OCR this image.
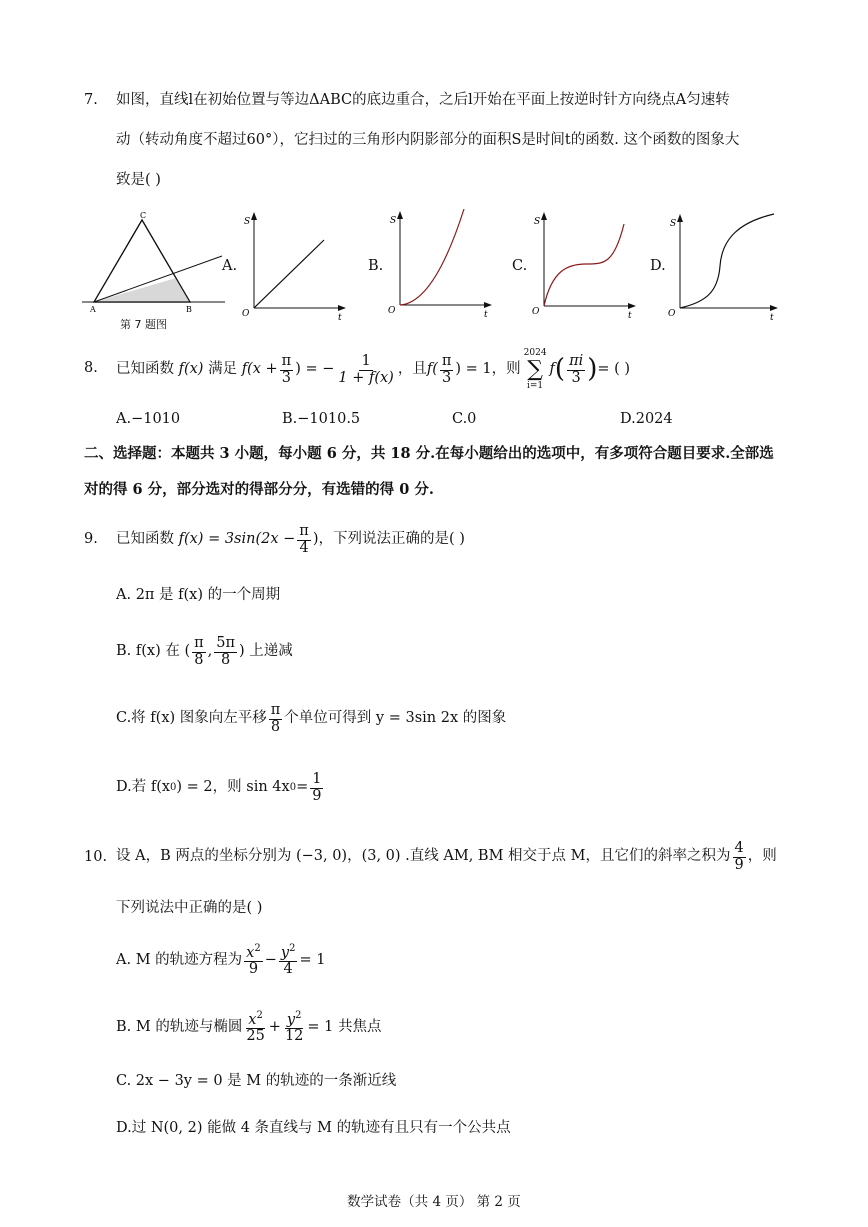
7. 如图，直线l在初始位置与等边ΔABC的底边重合，之后l开始在平面上按逆时针方向绕点A匀速转
动（转动角度不超过60°），它扫过的三角形内阴影部分的面积S是时间t的函数. 这个函数的图象大
致是( )
C
A	B
第 7 题图
A.
S
t
O
B.
S
t
O
C.
S
t
O
D.
S
t
O
8. 已知函数
f(x)
满足
$f(x + \frac{\pi}{3}$ ) = − $\frac{1}{1 + f(x)}$ ，且 $f( \frac{\pi}{3}$ ) = 1 ，则
2024
∑
i=1
f ( $\frac{\pi i}{3}$ ) = ( )
A.−1010	B.−1010.5	C.0	D.2024
二、选择题：本题共 3 小题，每小题 6 分，共 18 分.在每小题给出的选项中，有多项符合题目要求.全部选
对的得 6 分，部分选对的得部分分，有选错的得 0 分.
9. 已知函数
$f(x) = 3\sin(2x - \frac{\pi}{4}$ ) ，下列说法正确的是( )
A. 2π 是 f(x) 的一个周期
B. f(x) 在 ( $\frac{\pi}{8}$ , $\frac{5\pi}{8}$ ) 上递减
C.将 f(x) 图象向左平移 $\frac{\pi}{8}$ 个单位可得到 y = 3sin 2x 的图象
D.若 f(x 0 ) = 2，则 sin 4x $0 = \frac{1}{9}$
10. 设 A，B 两点的坐标分别为 (−3, 0)，(3, 0) .直线 AM, BM 相交于点 M，且它们的斜率之积为 $\frac{4}{9}$ ，则
下列说法中正确的是( )
A. M 的轨迹方程为 $\frac{x^2}{9} - \frac{y^2}{4} = 1$
B. M 的轨迹与椭圆 $\frac{x^2}{25} + \frac{y^2}{12} = 1$ 共焦点
C. 2x − 3y = 0 是 M 的轨迹的一条渐近线
D.过 N(0, 2) 能做 4 条直线与 M 的轨迹有且只有一个公共点
数学试卷（共 4 页） 第 2 页
